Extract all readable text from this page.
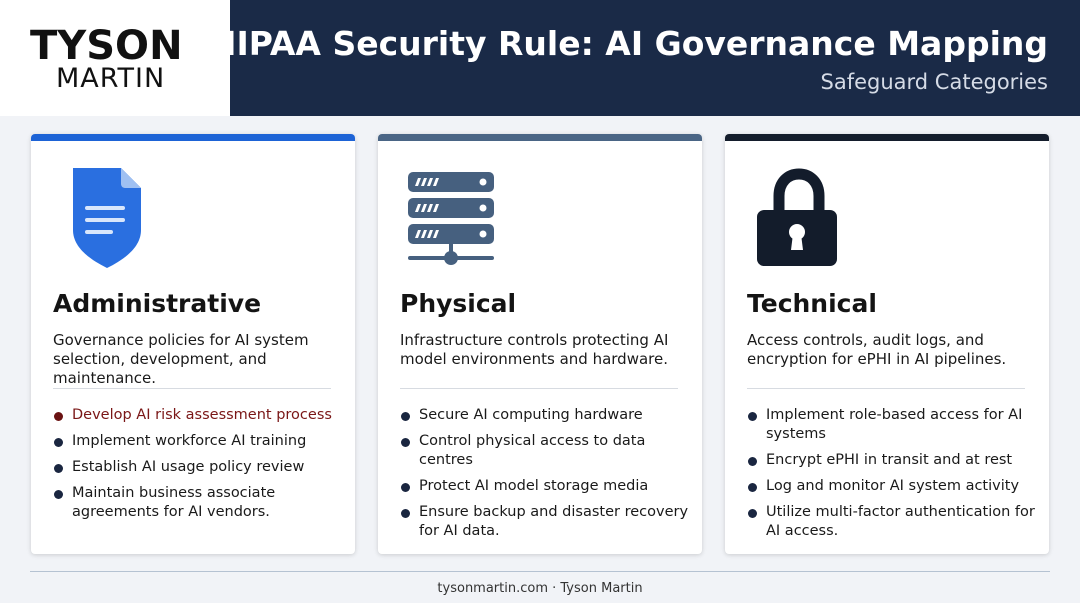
TYSON
MARTIN
HIPAA Security Rule: AI Governance Mapping
Safeguard Categories
Administrative
Governance policies for AI system selection, development, and maintenance.
Develop AI risk assessment process
Implement workforce AI training
Establish AI usage policy review
Maintain business associate agreements for AI vendors.
Physical
Infrastructure controls protecting AI model environments and hardware.
Secure AI computing hardware
Control physical access to data centres
Protect AI model storage media
Ensure backup and disaster recovery for AI data.
Technical
Access controls, audit logs, and encryption for ePHI in AI pipelines.
Implement role-based access for AI systems
Encrypt ePHI in transit and at rest
Log and monitor AI system activity
Utilize multi-factor authentication for AI access.
tysonmartin.com · Tyson Martin
